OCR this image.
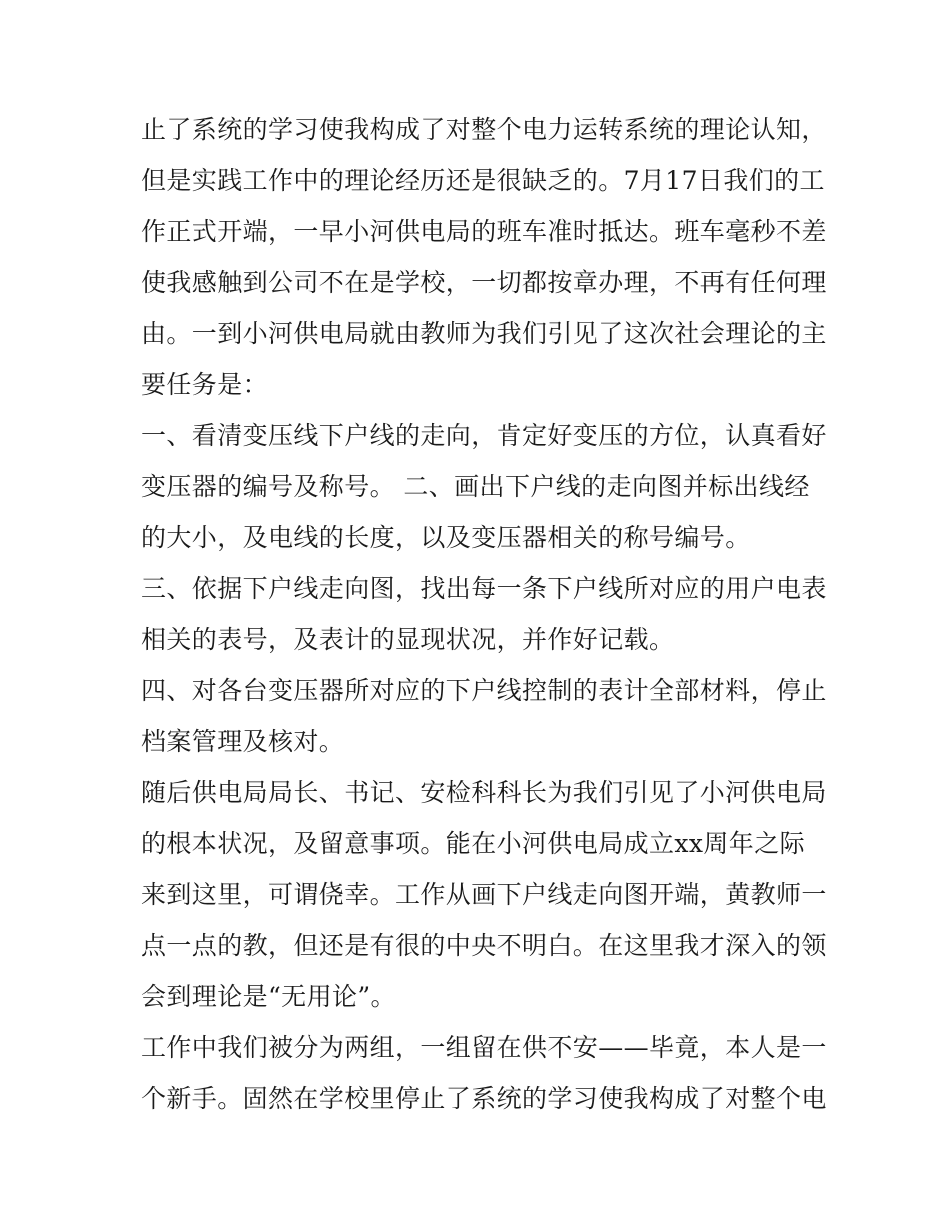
止了系统的学习使我构成了对整个电力运转系统的理论认知，
但是实践工作中的理论经历还是很缺乏的。7月17日我们的工
作正式开端，一早小河供电局的班车准时抵达。班车毫秒不差
使我感触到公司不在是学校，一切都按章办理，不再有任何理
由。一到小河供电局就由教师为我们引见了这次社会理论的主
要任务是：
一、看清变压线下户线的走向，肯定好变压的方位，认真看好
变压器的编号及称号。 二、画出下户线的走向图并标出线经
的大小，及电线的长度，以及变压器相关的称号编号。
三、依据下户线走向图，找出每一条下户线所对应的用户电表
相关的表号，及表计的显现状况，并作好记载。
四、对各台变压器所对应的下户线控制的表计全部材料，停止
档案管理及核对。
随后供电局局长、书记、安检科科长为我们引见了小河供电局
的根本状况，及留意事项。能在小河供电局成立xx周年之际
来到这里，可谓侥幸。工作从画下户线走向图开端，黄教师一
点一点的教，但还是有很的中央不明白。在这里我才深入的领
会到理论是“无用论”。
工作中我们被分为两组，一组留在供不安——毕竟，本人是一
个新手。固然在学校里停止了系统的学习使我构成了对整个电
